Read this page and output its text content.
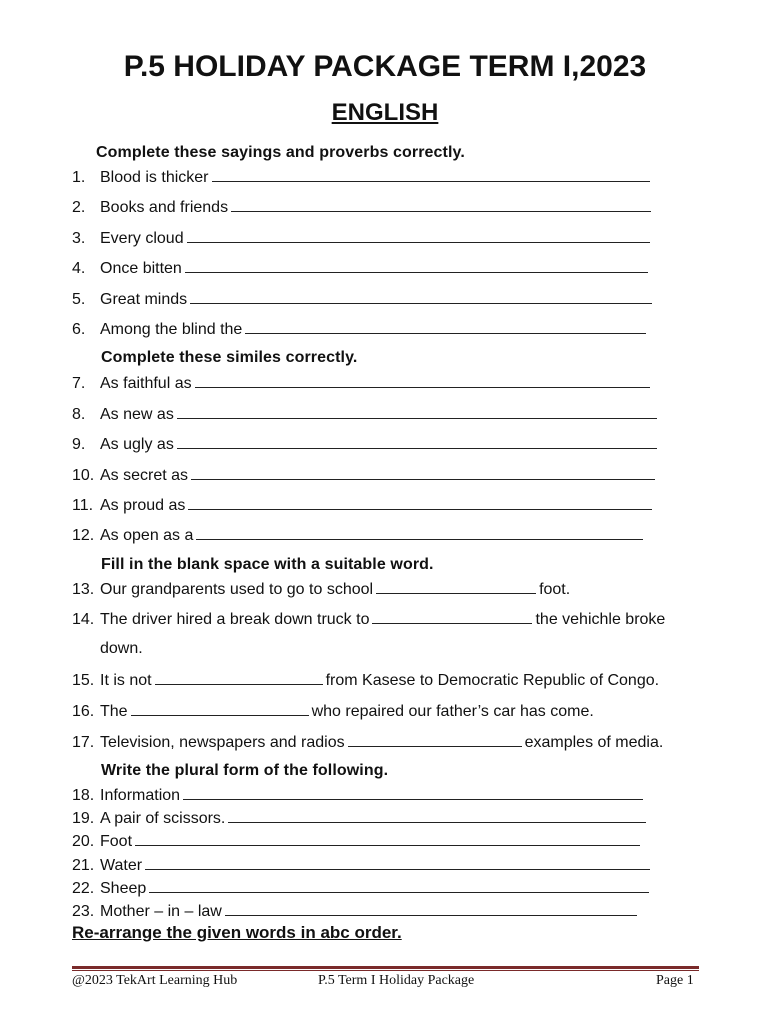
P.5 HOLIDAY PACKAGE TERM I,2023
ENGLISH
Complete these sayings and proverbs correctly.
1. Blood is thicker
2. Books and friends
3. Every cloud
4. Once bitten
5. Great minds
6. Among the blind the
Complete these similes correctly.
7. As faithful as
8. As new as
9. As ugly as
10. As secret as
11. As proud as
12. As open as a
Fill in the blank space with a suitable word.
13. Our grandparents used to go to school	foot.
14. The driver hired a break down truck to	the vehichle broke
down.
15. It is not	from Kasese to Democratic Republic of Congo.
16. The	who repaired our father’s car has come.
17. Television, newspapers and radios	examples of media.
Write the plural form of the following.
18. Information
19. A pair of scissors.
20. Foot
21. Water
22. Sheep
23. Mother – in – law
Re-arrange the given words in abc order.
@2023 TekArt Learning Hub	P.5 Term I Holiday Package	Page 1
